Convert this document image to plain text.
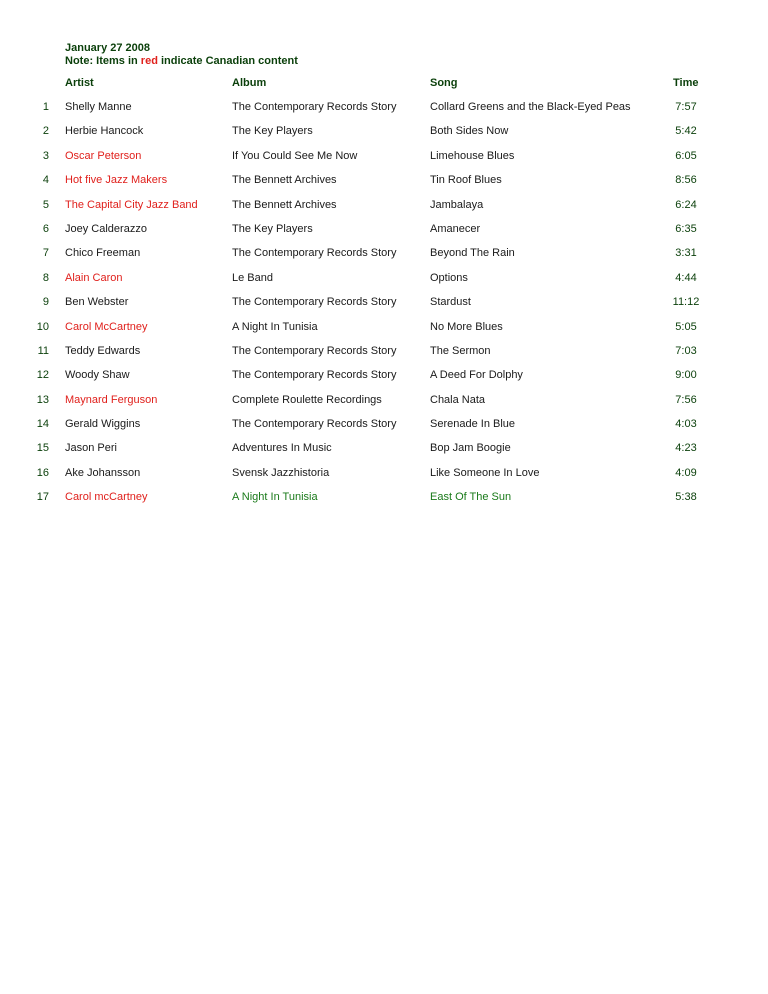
January 27 2008
Note: Items in red indicate Canadian content
Artist	Album	Song	Time
1 Shelly Manne	The Contemporary Records Story	Collard Greens and the Black-Eyed Peas	7:57
2 Herbie Hancock	The Key Players	Both Sides Now	5:42
3 Oscar Peterson	If You Could See Me Now	Limehouse Blues	6:05
4 Hot five Jazz Makers	The Bennett Archives	Tin Roof Blues	8:56
5 The Capital City Jazz Band	The Bennett Archives	Jambalaya	6:24
6 Joey Calderazzo	The Key Players	Amanecer	6:35
7 Chico Freeman	The Contemporary Records Story	Beyond The Rain	3:31
8 Alain Caron	Le Band	Options	4:44
9 Ben Webster	The Contemporary Records Story	Stardust	11:12
10 Carol McCartney	A Night In Tunisia	No More Blues	5:05
11 Teddy Edwards	The Contemporary Records Story	The Sermon	7:03
12 Woody Shaw	The Contemporary Records Story	A Deed For Dolphy	9:00
13 Maynard Ferguson	Complete Roulette Recordings	Chala Nata	7:56
14 Gerald Wiggins	The Contemporary Records Story	Serenade In Blue	4:03
15 Jason Peri	Adventures In Music	Bop Jam Boogie	4:23
16 Ake Johansson	Svensk Jazzhistoria	Like Someone In Love	4:09
17 Carol mcCartney	A Night In Tunisia	East Of The Sun	5:38
